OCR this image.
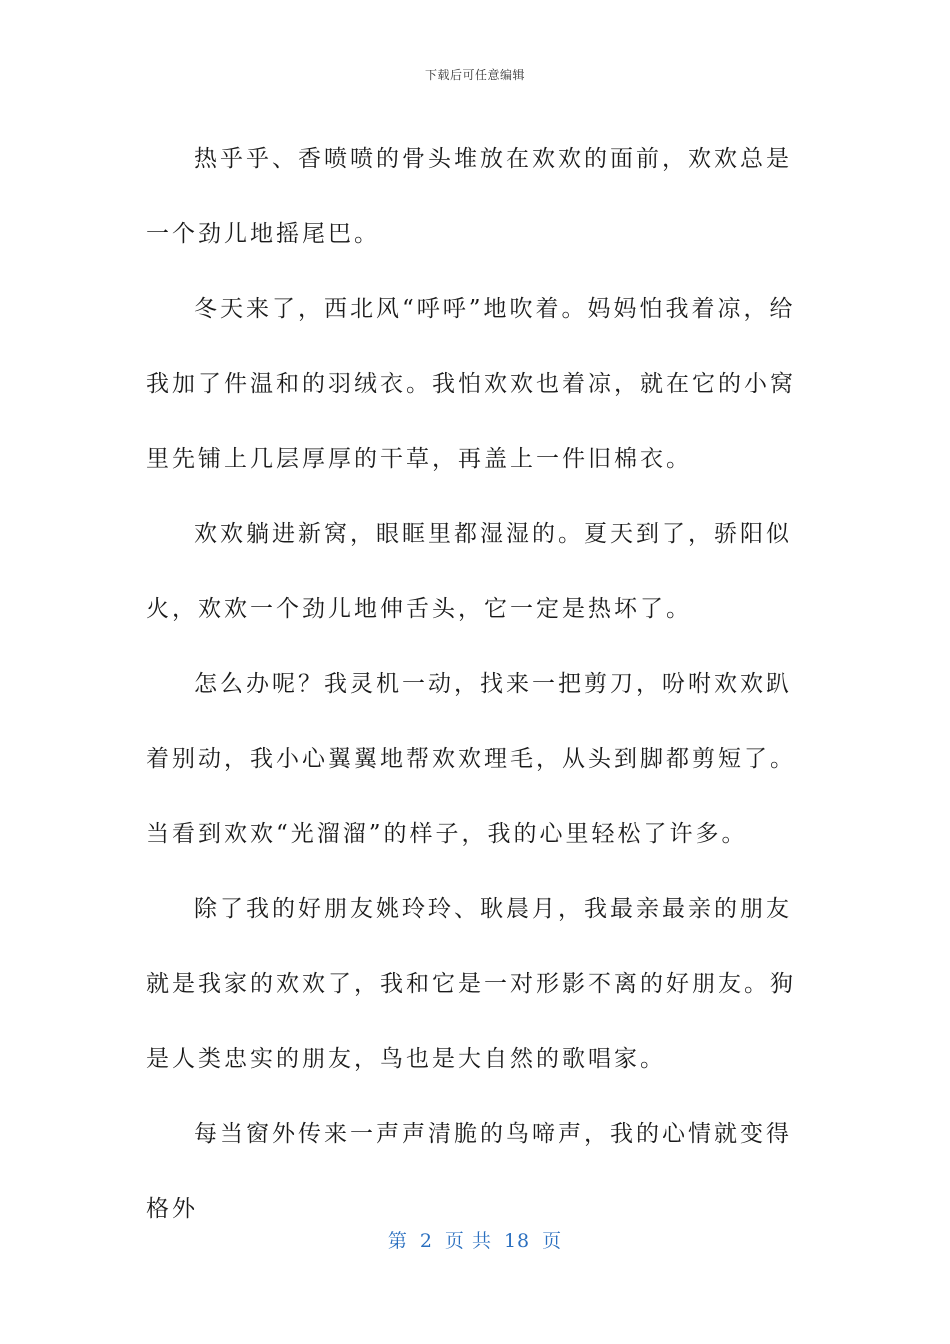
下载后可任意编辑

热乎乎、香喷喷的骨头堆放在欢欢的面前，欢欢总是一个劲儿地摇尾巴。

冬天来了，西北风“呼呼”地吹着。妈妈怕我着凉，给我加了件温和的羽绒衣。我怕欢欢也着凉，就在它的小窝里先铺上几层厚厚的干草，再盖上一件旧棉衣。

欢欢躺进新窝，眼眶里都湿湿的。夏天到了，骄阳似火，欢欢一个劲儿地伸舌头，它一定是热坏了。

怎么办呢？我灵机一动，找来一把剪刀，吩咐欢欢趴着别动，我小心翼翼地帮欢欢理毛，从头到脚都剪短了。当看到欢欢“光溜溜”的样子，我的心里轻松了许多。

除了我的好朋友姚玲玲、耿晨月，我最亲最亲的朋友就是我家的欢欢了，我和它是一对形影不离的好朋友。狗是人类忠实的朋友，鸟也是大自然的歌唱家。

每当窗外传来一声声清脆的鸟啼声，我的心情就变得格外

第 2 页 共 18 页
